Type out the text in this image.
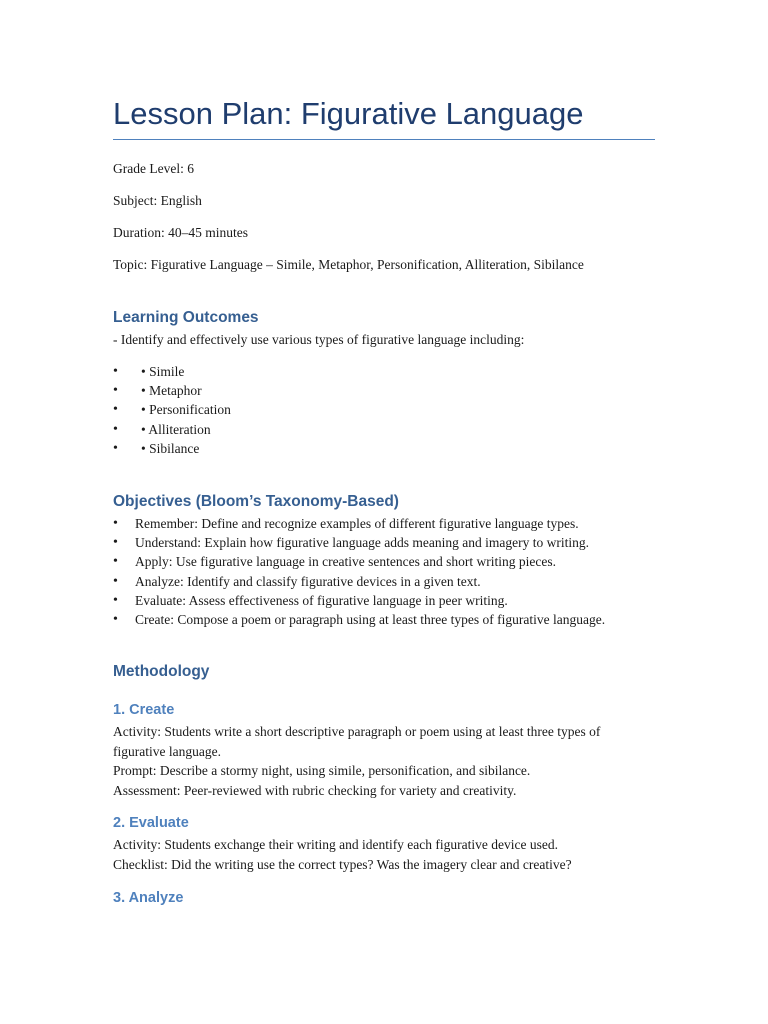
Lesson Plan: Figurative Language

Grade Level: 6

Subject: English

Duration: 40–45 minutes

Topic: Figurative Language – Simile, Metaphor, Personification, Alliteration, Sibilance

Learning Outcomes

- Identify and effectively use various types of figurative language including:

• • Simile
• • Metaphor
• • Personification
• • Alliteration
• • Sibilance
Objectives (Bloom’s Taxonomy-Based)
• Remember: Define and recognize examples of different figurative language types.
• Understand: Explain how figurative language adds meaning and imagery to writing.
• Apply: Use figurative language in creative sentences and short writing pieces.
• Analyze: Identify and classify figurative devices in a given text.
• Evaluate: Assess effectiveness of figurative language in peer writing.
• Create: Compose a poem or paragraph using at least three types of figurative language.
Methodology
1. Create
Activity: Students write a short descriptive paragraph or poem using at least three types of
figurative language.
Prompt: Describe a stormy night, using simile, personification, and sibilance.
Assessment: Peer-reviewed with rubric checking for variety and creativity.
2. Evaluate
Activity: Students exchange their writing and identify each figurative device used.
Checklist: Did the writing use the correct types? Was the imagery clear and creative?
3. Analyze
